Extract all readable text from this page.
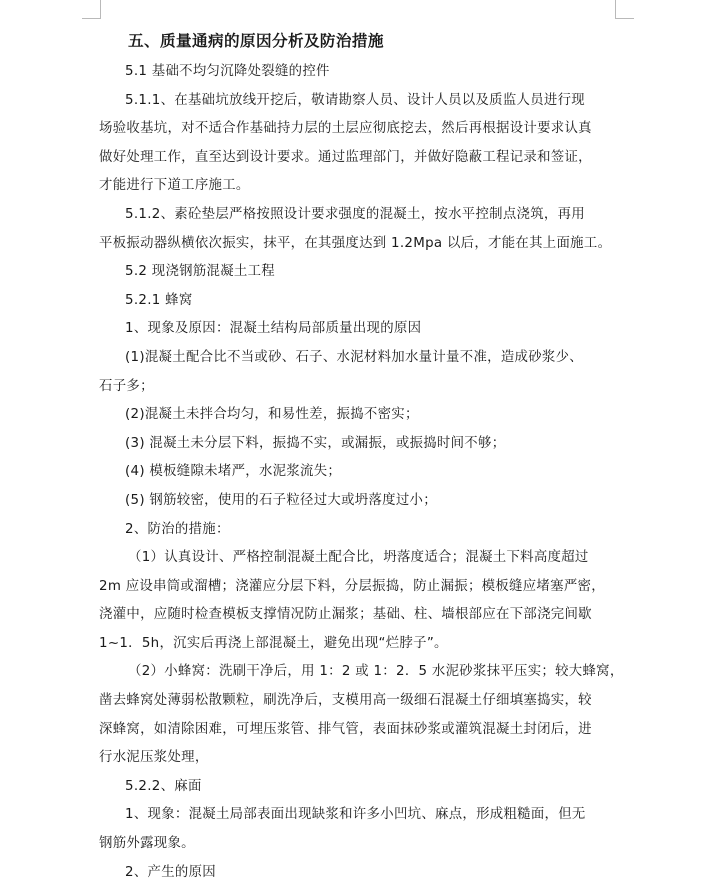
五、质量通病的原因分析及防治措施
5.1 基础不均匀沉降处裂缝的控件
5.1.1、在基础坑放线开挖后，敬请勘察人员、设计人员以及质监人员进行现
场验收基坑，对不适合作基础持力层的土层应彻底挖去，然后再根据设计要求认真
做好处理工作，直至达到设计要求。通过监理部门，并做好隐蔽工程记录和签证，
才能进行下道工序施工。
5.1.2、素砼垫层严格按照设计要求强度的混凝土，按水平控制点浇筑，再用
平板振动器纵横依次振实，抹平，在其强度达到 1.2Mpa 以后，才能在其上面施工。
5.2 现浇钢筋混凝土工程
5.2.1 蜂窝
1、现象及原因：混凝土结构局部质量出现的原因
(1)混凝土配合比不当或砂、石子、水泥材料加水量计量不准，造成砂浆少、
石子多；
(2)混凝土未拌合均匀，和易性差，振捣不密实；
(3) 混凝土未分层下料，振捣不实，或漏振，或振捣时间不够；
(4) 模板缝隙未堵严，水泥浆流失；
(5) 钢筋较密，使用的石子粒径过大或坍落度过小；
2、防治的措施：
（1）认真设计、严格控制混凝土配合比，坍落度适合；混凝土下料高度超过
2m 应设串筒或溜槽；浇灌应分层下料，分层振捣，防止漏振；模板缝应堵塞严密，
浇灌中，应随时检查模板支撑情况防止漏浆；基础、柱、墙根部应在下部浇完间歇
1~1．5h，沉实后再浇上部混凝土，避免出现“烂脖子”。
（2）小蜂窝：洗刷干净后，用 1：2 或 1：2．5 水泥砂浆抹平压实；较大蜂窝，
凿去蜂窝处薄弱松散颗粒，刷洗净后，支模用高一级细石混凝土仔细填塞捣实，较
深蜂窝，如清除困难，可埋压浆管、排气管，表面抹砂浆或灌筑混凝土封闭后，进
行水泥压浆处理，
5.2.2、麻面
1、现象：混凝土局部表面出现缺浆和许多小凹坑、麻点，形成粗糙面，但无
钢筋外露现象。
2、产生的原因
